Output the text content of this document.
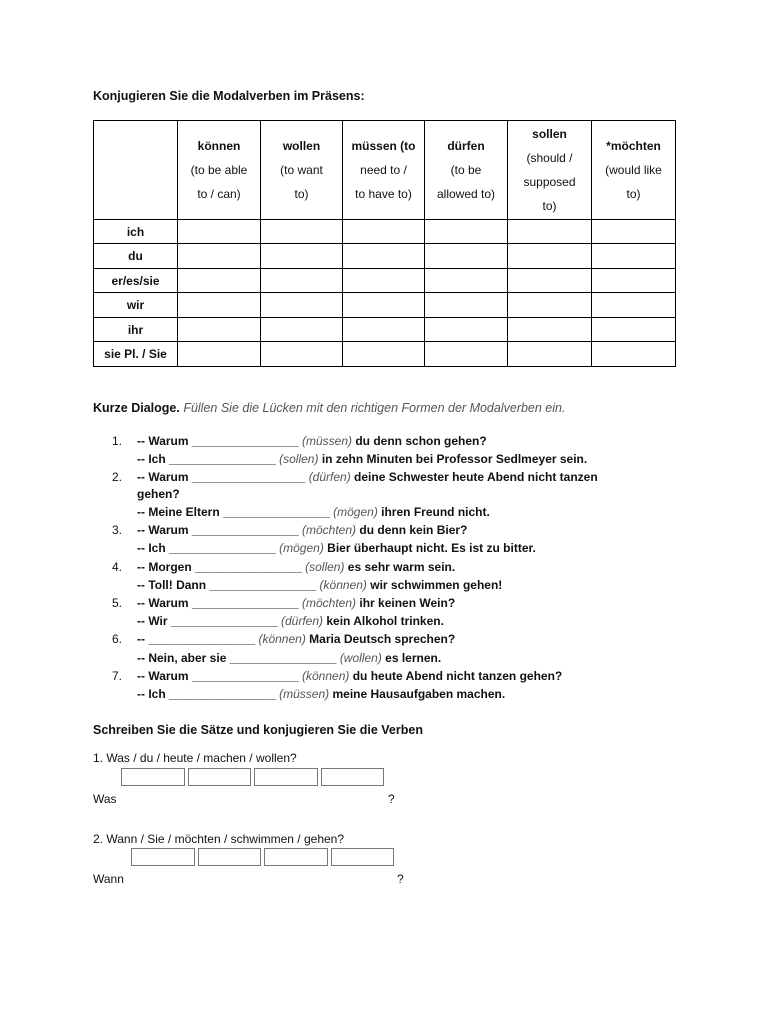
Konjugieren Sie die Modalverben im Präsens:

	können
(to be able
to / can)	wollen
(to want
to)	müssen (to
need to /
to have to)	dürfen
(to be
allowed to)	sollen
(should /
supposed
to)	*möchten
(would like
to)

ich						
du						
er/es/sie						
wir						
ihr						
sie Pl. / Sie						
Kurze Dialoge. Füllen Sie die Lücken mit den richtigen Formen der Modalverben ein.
1.
2.
3.
4.
5.
6.
7.
-- Warum ________________ (müssen) du denn schon gehen?
-- Ich ________________ (sollen) in zehn Minuten bei Professor Sedlmeyer sein.
-- Warum _________________ (dürfen) deine Schwester heute Abend nicht tanzen
gehen?
-- Meine Eltern ________________ (mögen) ihren Freund nicht.
-- Warum ________________ (möchten) du denn kein Bier?
-- Ich ________________ (mögen) Bier überhaupt nicht. Es ist zu bitter.
-- Morgen ________________ (sollen) es sehr warm sein.
-- Toll! Dann ________________ (können) wir schwimmen gehen!
-- Warum ________________ (möchten) ihr keinen Wein?
-- Wir ________________ (dürfen) kein Alkohol trinken.
-- ________________ (können) Maria Deutsch sprechen?
-- Nein, aber sie ________________ (wollen) es lernen.
-- Warum ________________ (können) du heute Abend nicht tanzen gehen?
-- Ich ________________ (müssen) meine Hausaufgaben machen.
Schreiben Sie die Sätze und konjugieren Sie die Verben
1. Was / du / heute / machen / wollen?
Was	?
2. Wann / Sie / möchten / schwimmen / gehen?
Wann	?
